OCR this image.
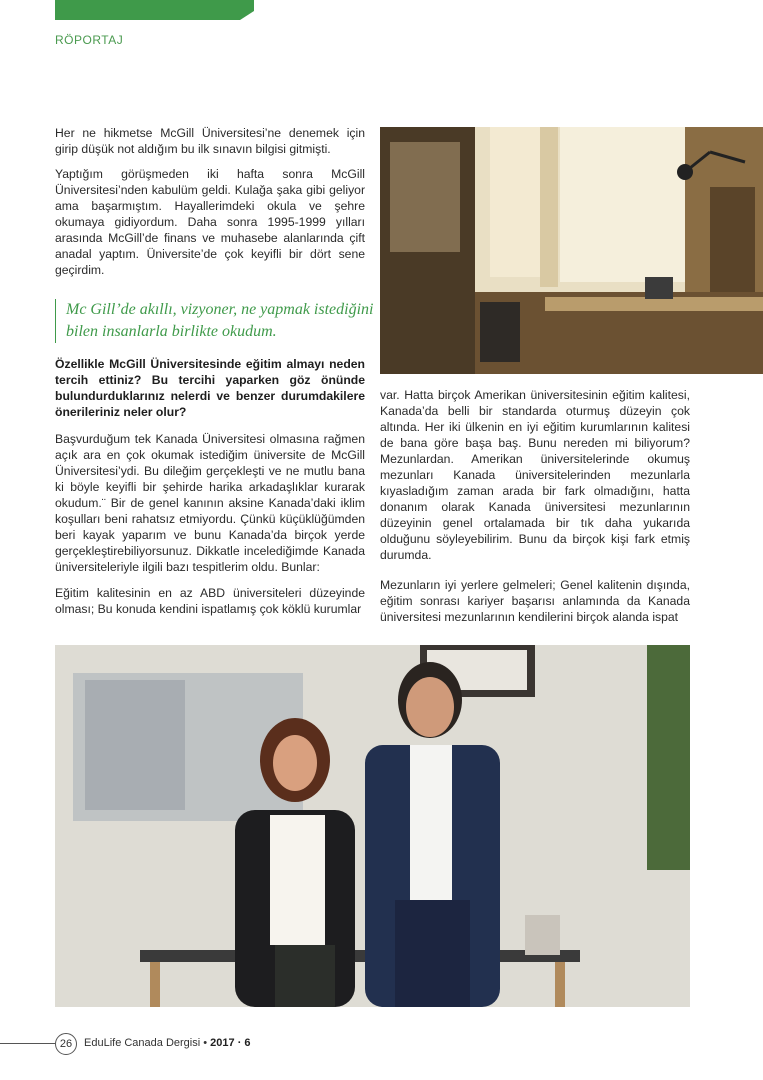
RÖPORTAJ

Her ne hikmetse McGill Üniversitesi’ne denemek için girip düşük not aldığım bu ilk sınavın bilgisi gitmişti.

Yaptığım görüşmeden iki hafta sonra McGill Üniversitesi’nden kabulüm geldi. Kulağa şaka gibi geliyor ama başarmıştım. Hayallerimdeki okula ve şehre okumaya gidiyordum. Daha sonra 1995-1999 yılları arasında McGill’de finans ve muhasebe alanlarında çift anadal yaptım. Üniversite’de çok keyifli bir dört sene geçirdim.

Mc Gill’de akıllı, vizyoner, ne yapmak istediğini bilen insanlarla birlikte okudum.
Özellikle McGill Üniversitesinde eğitim almayı neden tercih ettiniz? Bu tercihi yaparken göz önünde bulundurduklarınız nelerdi ve benzer durumdakilere önerileriniz neler olur?

Başvurduğum tek Kanada Üniversitesi olmasına rağmen açık ara en çok okumak istediğim üniversite de McGill Üniversitesi’ydi. Bu dileğim gerçekleşti ve ne mutlu bana ki böyle keyifli bir şehirde harika arkadaşlıklar kurarak okudum.¨ Bir de genel kanının aksine Kanada’daki iklim koşulları beni rahatsız etmiyordu. Çünkü küçüklüğümden beri kayak yaparım ve bunu Kanada’da birçok yerde gerçekleştirebiliyorsunuz. Dikkatle incelediğimde Kanada üniversiteleriyle ilgili bazı tespitlerim oldu. Bunlar:

Eğitim kalitesinin en az ABD üniversiteleri düzeyinde olması; Bu konuda kendini ispatlamış çok köklü kurumlar

var. Hatta birçok Amerikan üniversitesinin eğitim kalitesi, Kanada’da belli bir standarda oturmuş düzeyin çok altında. Her iki ülkenin en iyi eğitim kurumlarının kalitesi de bana göre başa baş. Bunu nereden mi biliyorum? Mezunlardan. Amerikan üniversitelerinde okumuş mezunları Kanada üniversitelerinden mezunlarla kıyasladığım zaman arada bir fark olmadığını, hatta donanım olarak Kanada üniversitesi mezunlarının düzeyinin genel ortalamada bir tık daha yukarıda olduğunu söyleyebilirim. Bunu da birçok kişi fark etmiş durumda.

Mezunların iyi yerlere gelmeleri; Genel kalitenin dışında, eğitim sonrası kariyer başarısı anlamında da Kanada üniversitesi mezunlarının kendilerini birçok alanda ispat

26	EduLife Canada Dergisi • 2017 · 6
